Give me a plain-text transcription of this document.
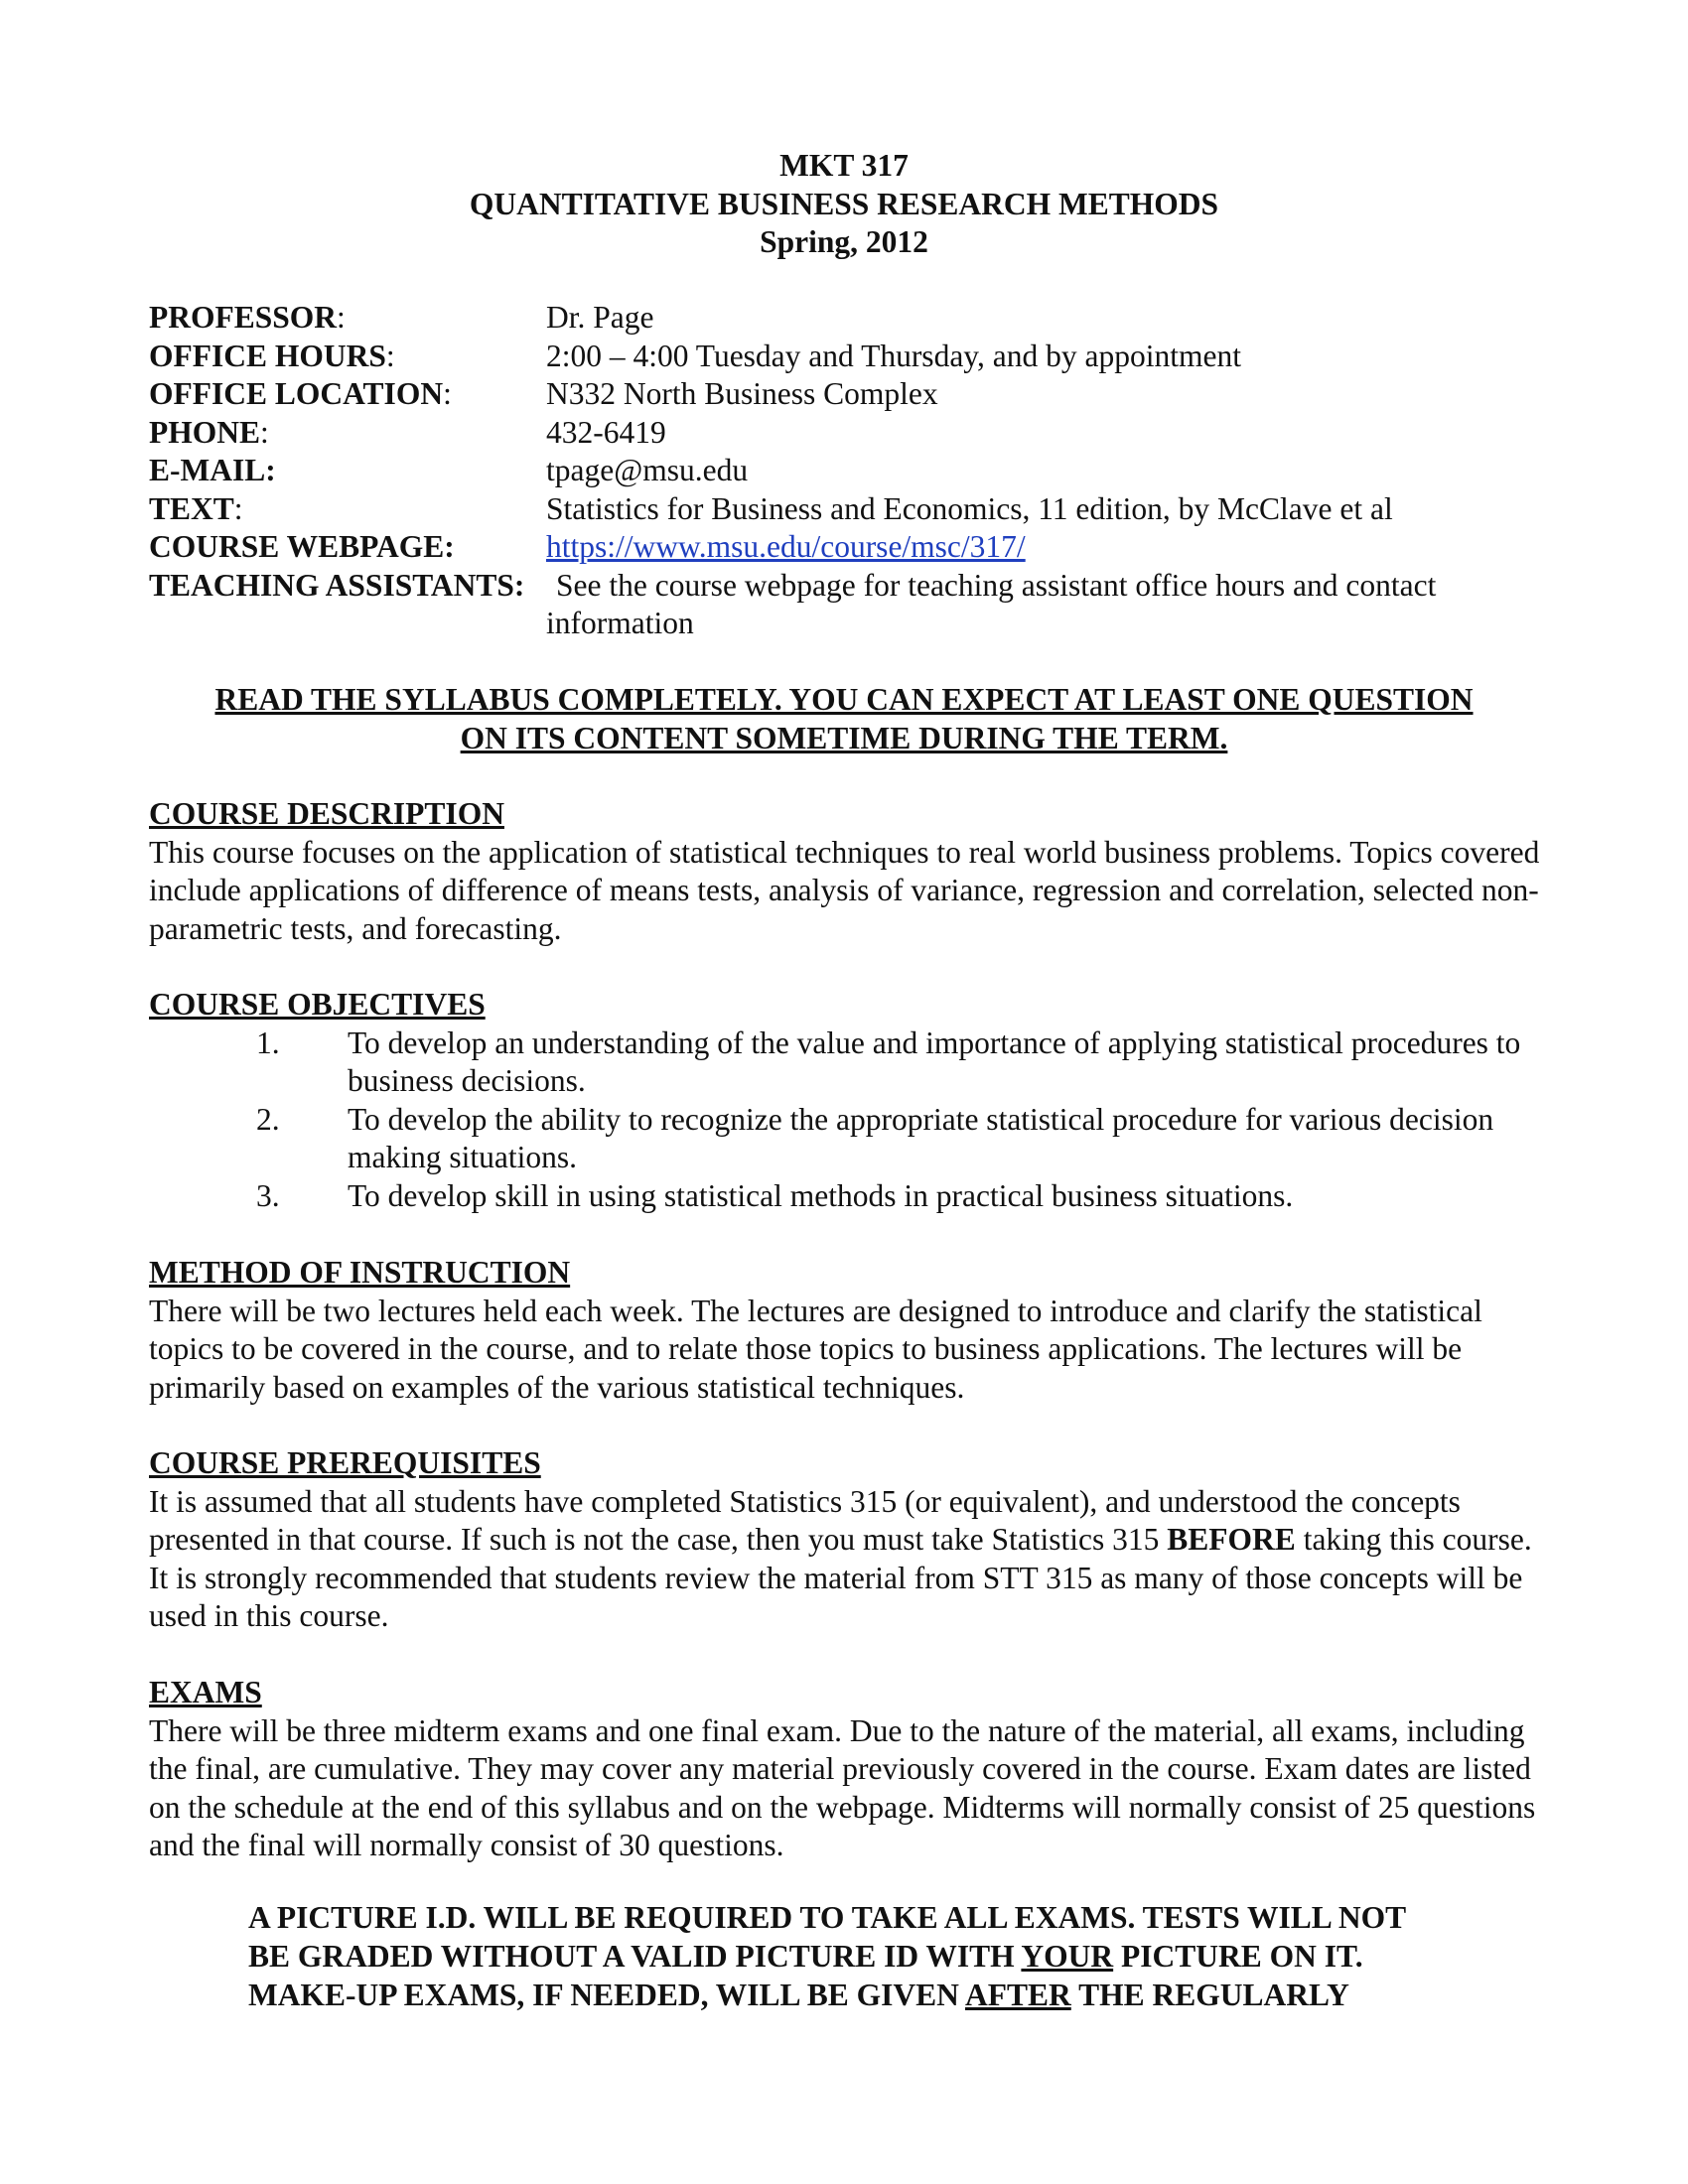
MKT 317
QUANTITATIVE BUSINESS RESEARCH METHODS
Spring, 2012
PROFESSOR:	Dr. Page
OFFICE HOURS:	2:00 – 4:00 Tuesday and Thursday, and by appointment
OFFICE LOCATION:	N332 North Business Complex
PHONE:	432-6419
E-MAIL:	tpage@msu.edu
TEXT:	Statistics for Business and Economics, 11 edition, by McClave et al
COURSE WEBPAGE:	https://www.msu.edu/course/msc/317/
TEACHING ASSISTANTS:	See the course webpage for teaching assistant office hours and contact
information
READ THE SYLLABUS COMPLETELY. YOU CAN EXPECT AT LEAST ONE QUESTION
ON ITS CONTENT SOMETIME DURING THE TERM.
COURSE DESCRIPTION
This course focuses on the application of statistical techniques to real world business problems. Topics covered include applications of difference of means tests, analysis of variance, regression and correlation, selected non-parametric tests, and forecasting.
COURSE OBJECTIVES
1. To develop an understanding of the value and importance of applying statistical procedures to business decisions.
2. To develop the ability to recognize the appropriate statistical procedure for various decision making situations.
3. To develop skill in using statistical methods in practical business situations.
METHOD OF INSTRUCTION
There will be two lectures held each week. The lectures are designed to introduce and clarify the statistical topics to be covered in the course, and to relate those topics to business applications. The lectures will be primarily based on examples of the various statistical techniques.
COURSE PREREQUISITES
It is assumed that all students have completed Statistics 315 (or equivalent), and understood the concepts presented in that course. If such is not the case, then you must take Statistics 315 BEFORE taking this course. It is strongly recommended that students review the material from STT 315 as many of those concepts will be used in this course.
EXAMS
There will be three midterm exams and one final exam. Due to the nature of the material, all exams, including the final, are cumulative. They may cover any material previously covered in the course. Exam dates are listed on the schedule at the end of this syllabus and on the webpage. Midterms will normally consist of 25 questions and the final will normally consist of 30 questions.
A PICTURE I.D. WILL BE REQUIRED TO TAKE ALL EXAMS. TESTS WILL NOT
BE GRADED WITHOUT A VALID PICTURE ID WITH YOUR PICTURE ON IT.
MAKE-UP EXAMS, IF NEEDED, WILL BE GIVEN AFTER THE REGULARLY
